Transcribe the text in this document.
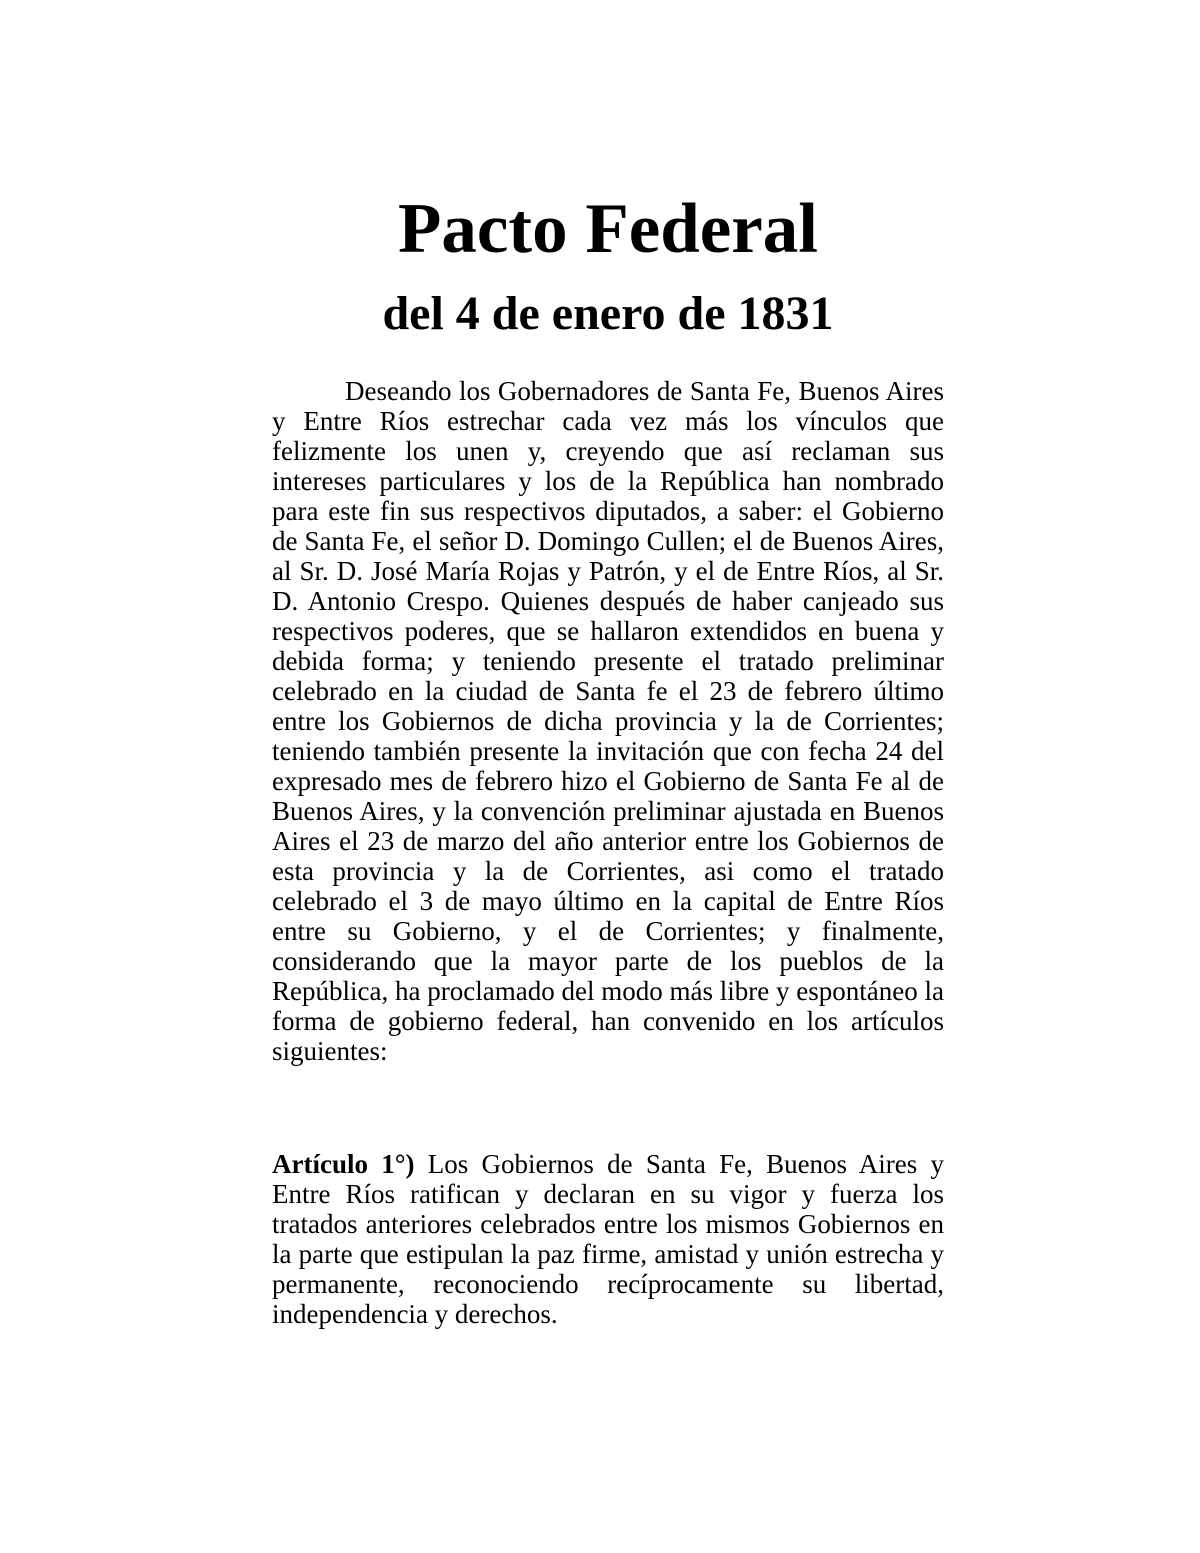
Pacto Federal
del 4 de enero de 1831

Deseando los Gobernadores de Santa Fe, Buenos Aires y Entre Ríos estrechar cada vez más los vínculos que felizmente los unen y, creyendo que así reclaman sus intereses particulares y los de la República han nombrado para este fin sus respectivos diputados, a saber: el Gobierno de Santa Fe, el señor D. Domingo Cullen; el de Buenos Aires, al Sr. D. José María Rojas y Patrón, y el de Entre Ríos, al Sr. D. Antonio Crespo. Quienes después de haber canjeado sus respectivos poderes, que se hallaron extendidos en buena y debida forma; y teniendo presente el tratado preliminar celebrado en la ciudad de Santa fe el 23 de febrero último entre los Gobiernos de dicha provincia y la de Corrientes; teniendo también presente la invitación que con fecha 24 del expresado mes de febrero hizo el Gobierno de Santa Fe al de Buenos Aires, y la convención preliminar ajustada en Buenos Aires el 23 de marzo del año anterior entre los Gobiernos de esta provincia y la de Corrientes, asi como el tratado celebrado el 3 de mayo último en la capital de Entre Ríos entre su Gobierno, y el de Corrientes; y finalmente, considerando que la mayor parte de los pueblos de la República, ha proclamado del modo más libre y espontáneo la forma de gobierno federal, han convenido en los artículos siguientes:

Artículo 1°) Los Gobiernos de Santa Fe, Buenos Aires y Entre Ríos ratifican y declaran en su vigor y fuerza los tratados anteriores celebrados entre los mismos Gobiernos en la parte que estipulan la paz firme, amistad y unión estrecha y permanente, reconociendo recíprocamente su libertad, independencia y derechos.
